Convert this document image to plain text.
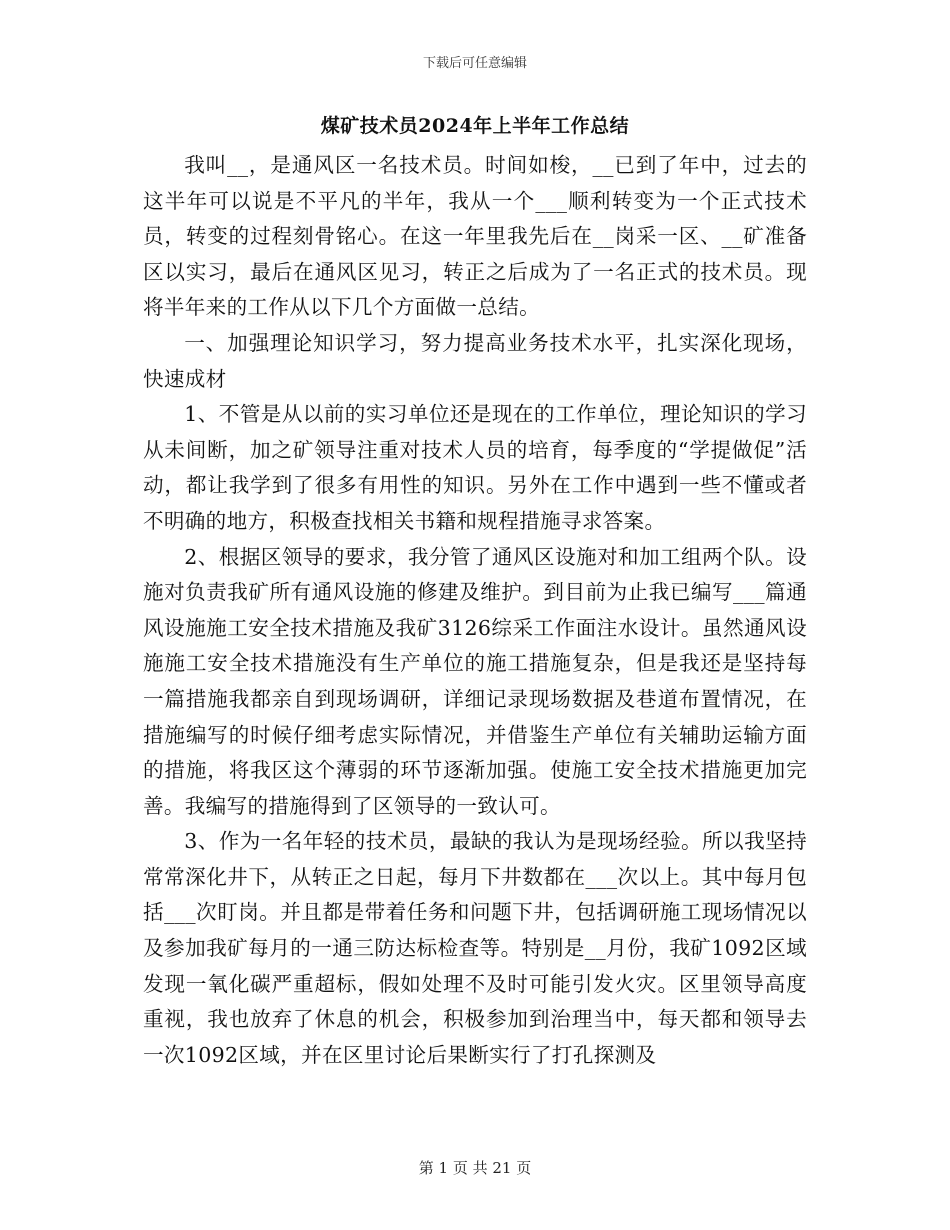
下载后可任意编辑
煤矿技术员2024年上半年工作总结

我叫__，是通风区一名技术员。时间如梭，__已到了年中，过去的这半年可以说是不平凡的半年，我从一个___顺利转变为一个正式技术员，转变的过程刻骨铭心。在这一年里我先后在__岗采一区、__矿准备区以实习，最后在通风区见习，转正之后成为了一名正式的技术员。现将半年来的工作从以下几个方面做一总结。

一、加强理论知识学习，努力提高业务技术水平，扎实深化现场，快速成材

1、不管是从以前的实习单位还是现在的工作单位，理论知识的学习从未间断，加之矿领导注重对技术人员的培育，每季度的“学提做促”活动，都让我学到了很多有用性的知识。另外在工作中遇到一些不懂或者不明确的地方，积极查找相关书籍和规程措施寻求答案。

2、根据区领导的要求，我分管了通风区设施对和加工组两个队。设施对负责我矿所有通风设施的修建及维护。到目前为止我已编写___篇通风设施施工安全技术措施及我矿3126综采工作面注水设计。虽然通风设施施工安全技术措施没有生产单位的施工措施复杂，但是我还是坚持每一篇措施我都亲自到现场调研，详细记录现场数据及巷道布置情况，在措施编写的时候仔细考虑实际情况，并借鉴生产单位有关辅助运输方面的措施，将我区这个薄弱的环节逐渐加强。使施工安全技术措施更加完善。我编写的措施得到了区领导的一致认可。

3、作为一名年轻的技术员，最缺的我认为是现场经验。所以我坚持常常深化井下，从转正之日起，每月下井数都在___次以上。其中每月包括___次盯岗。并且都是带着任务和问题下井，包括调研施工现场情况以及参加我矿每月的一通三防达标检查等。特别是__月份，我矿1092区域发现一氧化碳严重超标，假如处理不及时可能引发火灾。区里领导高度重视，我也放弃了休息的机会，积极参加到治理当中，每天都和领导去一次1092区域，并在区里讨论后果断实行了打孔探测及

第 1 页 共 21 页
